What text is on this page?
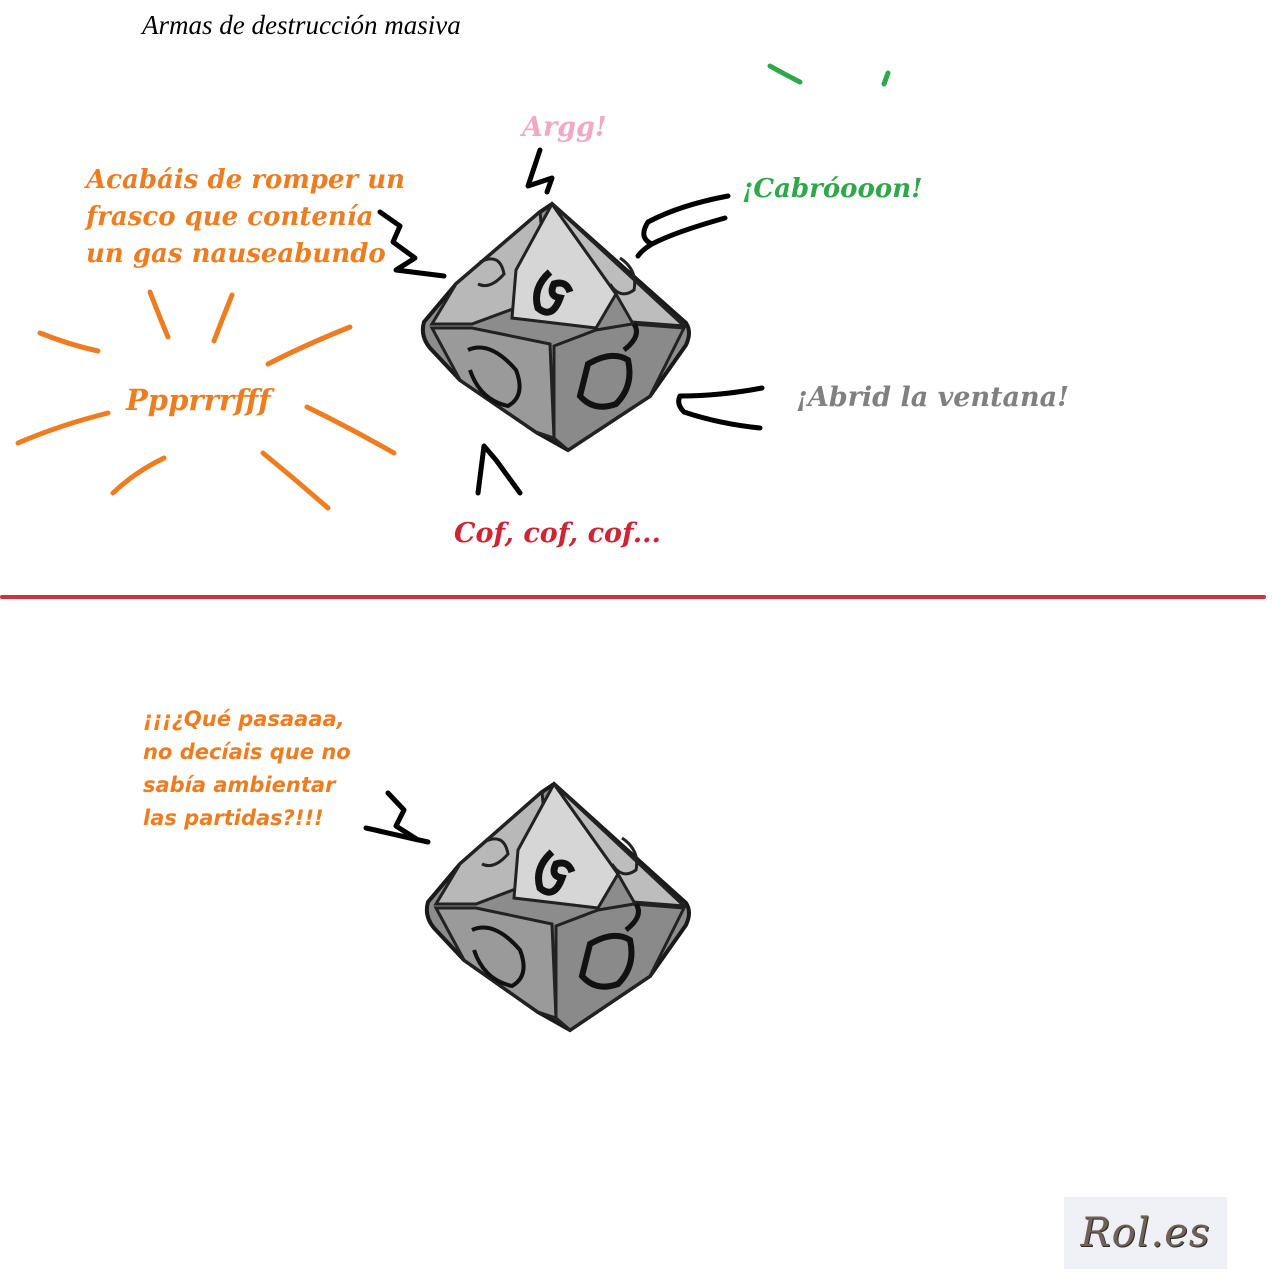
Armas de destrucción masiva
Acabáis de romper un
frasco que contenía
un gas nauseabundo
Argg!
¡Cabróooon!
¡Abrid la ventana!
Cof, cof, cof...
Ppprrrfff
¡¡¡¿Qué pasaaaa,
no decíais que no
sabía ambientar
las partidas?!!!
Rol.es
